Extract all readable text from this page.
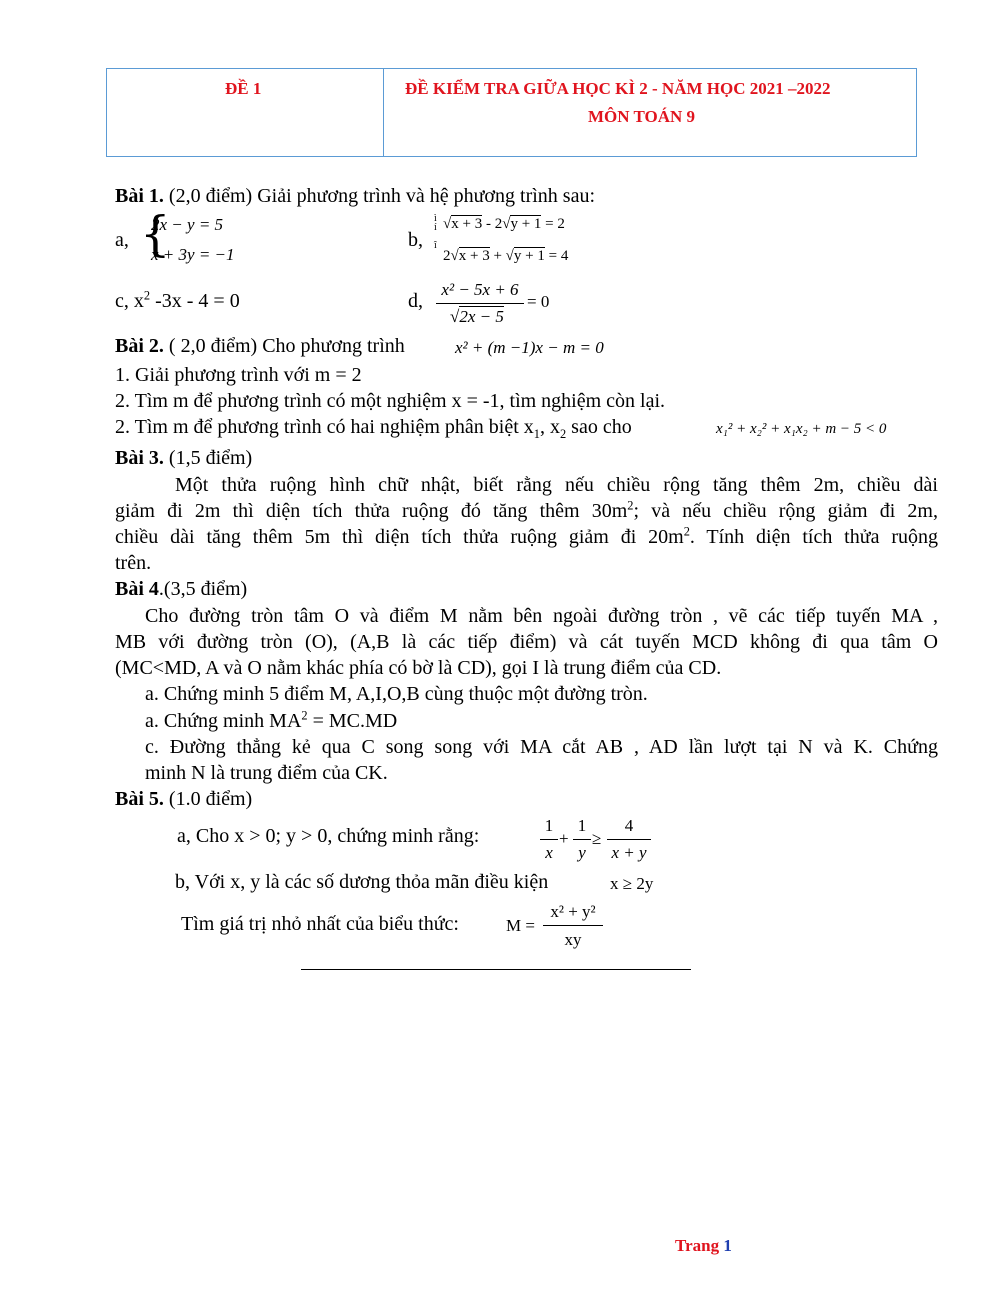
ĐỀ 1	ĐỀ KIỂM TRA GIỮA HỌC KÌ 2 - NĂM HỌC 2021 –2022
MÔN TOÁN 9
Bài 1. (2,0 điểm) Giải phương trình và hệ phương trình sau:
a, {
2x − y = 5
x + 3y = −1
b,
ì
í

î
√x + 3 - 2√y + 1 = 2
2√x + 3 + √y + 1 = 4
c, $x^2$ -3x - 4 = 0	d,
x² − 5x + 6
√2x − 5
= 0
Bài 2. ( 2,0 điểm) Cho phương trình	x² + (m −1)x − m = 0
1. Giải phương trình với m = 2
2. Tìm m để phương trình có một nghiệm x = -1, tìm nghiệm còn lại.
2. Tìm m để phương trình có hai nghiệm phân biệt $x_1$, $x_2$ sao cho	x₁² + x₂² + x₁x₂ + m − 5 < 0
Bài 3. (1,5 điểm)
Một thửa ruộng hình chữ nhật, biết rằng nếu chiều rộng tăng thêm 2m, chiều dài
giảm đi 2m thì diện tích thửa ruộng đó tăng thêm $30m^2$; và nếu chiều rộng giảm đi 2m,
chiều dài tăng thêm 5m thì diện tích thửa ruộng giảm đi $20m^2$. Tính diện tích thửa ruộng
trên.
Bài 4.(3,5 điểm)
Cho đường tròn tâm O và điểm M nằm bên ngoài đường tròn , vẽ các tiếp tuyến MA ,
MB với đường tròn (O), (A,B là các tiếp điểm) và cát tuyến MCD không đi qua tâm O
(MC<MD, A và O nằm khác phía có bờ là CD), gọi I là trung điểm của CD.
a. Chứng minh 5 điểm M, A,I,O,B cùng thuộc một đường tròn.
a. Chứng minh $MA^2 = MC.MD$
c. Đường thẳng kẻ qua C song song với MA cắt AB , AD lần lượt tại N và K. Chứng
minh N là trung điểm của CK.
Bài 5. (1.0 điểm)
a, Cho x > 0; y > 0, chứng minh rằng:	1
x
+
1
y
≥
4
x + y
b, Với x, y là các số dương thỏa mãn điều kiện	x ≥ 2y
Tìm giá trị nhỏ nhất của biểu thức:	M =
x² + y²
xy
Trang 1
